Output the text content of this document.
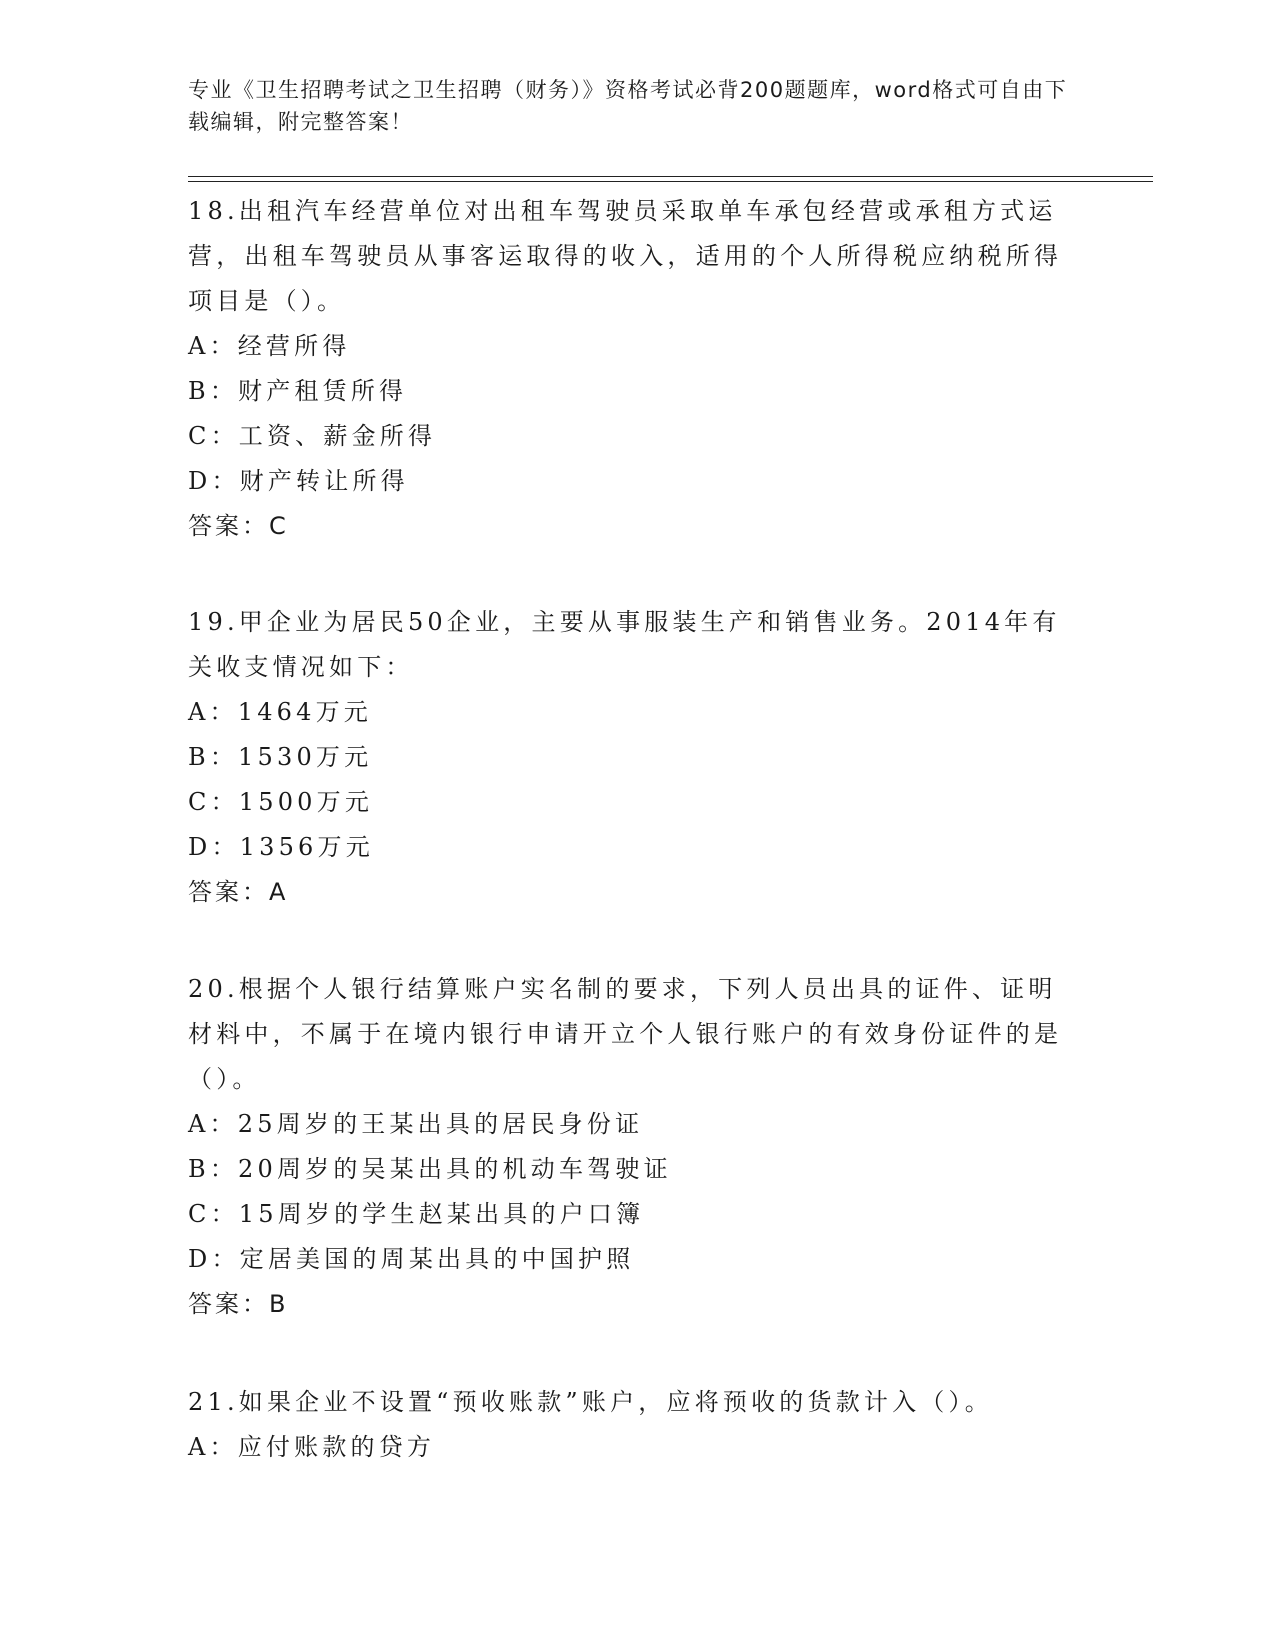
专业《卫生招聘考试之卫生招聘（财务）》资格考试必背200题题库，word格式可自由下载编辑，附完整答案！

18.出租汽车经营单位对出租车驾驶员采取单车承包经营或承租方式运营，出租车驾驶员从事客运取得的收入，适用的个人所得税应纳税所得项目是（）。

A：经营所得

B：财产租赁所得

C：工资、薪金所得

D：财产转让所得

答案：C

19.甲企业为居民50企业，主要从事服装生产和销售业务。2014年有关收支情况如下：

A：1464万元

B：1530万元

C：1500万元

D：1356万元

答案：A

20.根据个人银行结算账户实名制的要求，下列人员出具的证件、证明材料中，不属于在境内银行申请开立个人银行账户的有效身份证件的是（）。

A：25周岁的王某出具的居民身份证

B：20周岁的吴某出具的机动车驾驶证

C：15周岁的学生赵某出具的户口簿

D：定居美国的周某出具的中国护照

答案：B

21.如果企业不设置“预收账款”账户，应将预收的货款计入（）。

A：应付账款的贷方
